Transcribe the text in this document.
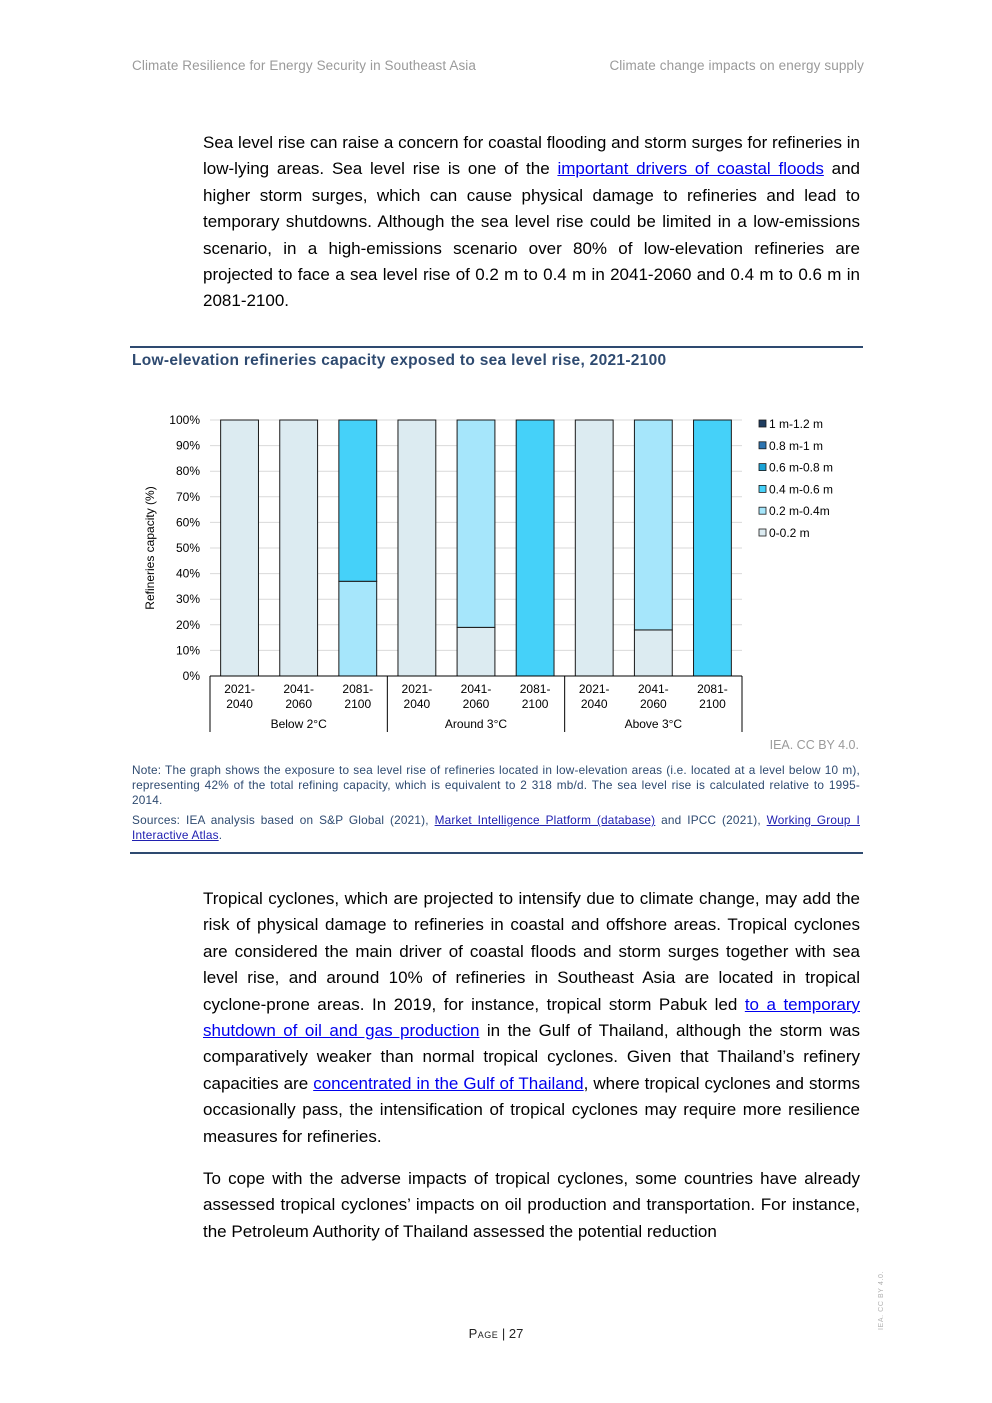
Climate Resilience for Energy Security in Southeast Asia	Climate change impacts on energy supply
Sea level rise can raise a concern for coastal flooding and storm surges for refineries in low-lying areas. Sea level rise is one of the important drivers of coastal floods and higher storm surges, which can cause physical damage to refineries and lead to temporary shutdowns. Although the sea level rise could be limited in a low-emissions scenario, in a high-emissions scenario over 80% of low-elevation refineries are projected to face a sea level rise of 0.2 m to 0.4 m in 2041-2060 and 0.4 m to 0.6 m in 2081-2100.
Low-elevation refineries capacity exposed to sea level rise, 2021-2100
0%
10%
20%
30%
40%
50%
60%
70%
80%
90%
100%
Refineries capacity (%)
2021-
2040
2041-
2060
2081-
2100
2021-
2040
2041-
2060
2081-
2100
2021-
2040
2041-
2060
2081-
2100
Below 2°C	Around 3°C	Above 3°C
1 m-1.2 m
0.8 m-1 m
0.6 m-0.8 m
0.4 m-0.6 m
0.2 m-0.4m
0-0.2 m
IEA. CC BY 4.0.
Note: The graph shows the exposure to sea level rise of refineries located in low-elevation areas (i.e. located at a level below 10 m), representing 42% of the total refining capacity, which is equivalent to 2 318 mb/d. The sea level rise is calculated relative to 1995-2014.
Sources: IEA analysis based on S&P Global (2021), Market Intelligence Platform (database) and IPCC (2021), Working Group I Interactive Atlas.
Tropical cyclones, which are projected to intensify due to climate change, may add the risk of physical damage to refineries in coastal and offshore areas. Tropical cyclones are considered the main driver of coastal floods and storm surges together with sea level rise, and around 10% of refineries in Southeast Asia are located in tropical cyclone-prone areas. In 2019, for instance, tropical storm Pabuk led to a temporary shutdown of oil and gas production in the Gulf of Thailand, although the storm was comparatively weaker than normal tropical cyclones. Given that Thailand’s refinery capacities are concentrated in the Gulf of Thailand, where tropical cyclones and storms occasionally pass, the intensification of tropical cyclones may require more resilience measures for refineries.
To cope with the adverse impacts of tropical cyclones, some countries have already assessed tropical cyclones’ impacts on oil production and transportation. For instance, the Petroleum Authority of Thailand assessed the potential reduction
Page | 27
IEA. CC BY 4.0.
